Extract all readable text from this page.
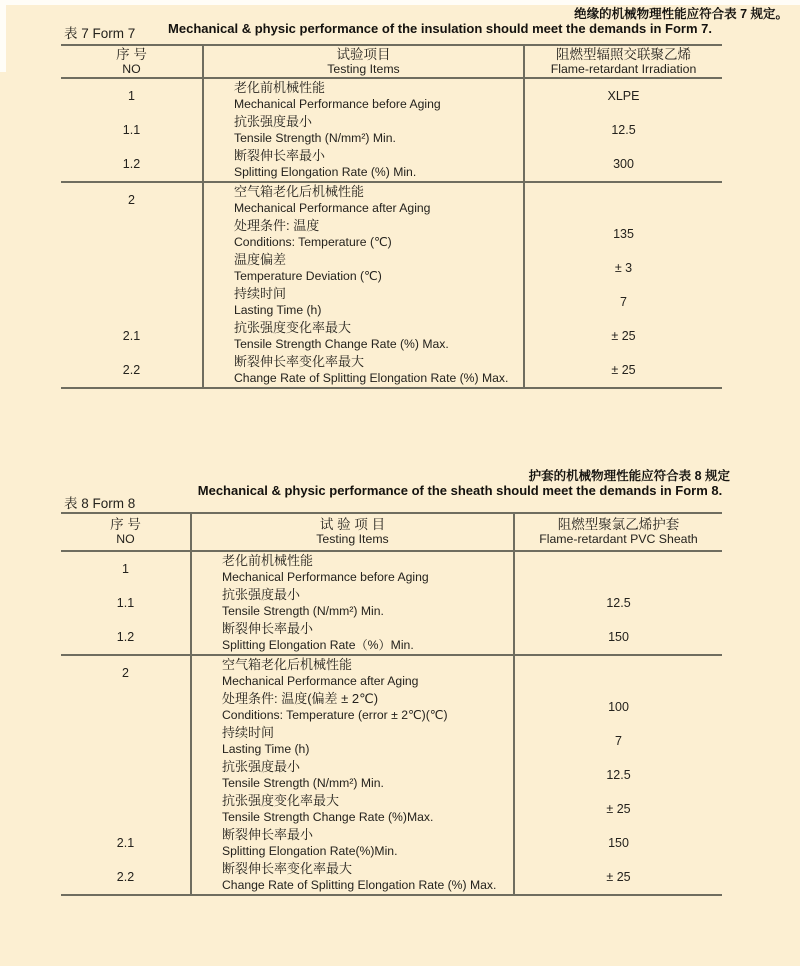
绝缘的机械物理性能应符合表 7 规定。
表 7 Form 7	Mechanical & physic performance of the insulation should meet the demands in Form 7.
序 号
NO
试验项目
Testing Items
阻燃型辐照交联聚乙烯
Flame-retardant Irradiation
1
老化前机械性能
Mechanical Performance before Aging
XLPE
1.1
抗张强度最小
Tensile Strength (N/mm²) Min.
12.5
1.2
断裂伸长率最小
Splitting Elongation Rate (%) Min.
300
2
空气箱老化后机械性能
Mechanical Performance after Aging
处理条件: 温度
Conditions: Temperature (℃)
135
温度偏差
Temperature Deviation (℃)
± 3
持续时间
Lasting Time (h)
7
2.1
抗张强度变化率最大
Tensile Strength Change Rate (%) Max.
± 25
2.2
断裂伸长率变化率最大
Change Rate of Splitting Elongation Rate (%) Max.
± 25
护套的机械物理性能应符合表 8 规定
Mechanical & physic performance of the sheath should meet the demands in Form 8.
表 8 Form 8
序 号
NO
试 验 项 目
Testing Items
阻燃型聚氯乙烯护套
Flame-retardant PVC Sheath
1
老化前机械性能
Mechanical Performance before Aging
1.1
抗张强度最小
Tensile Strength (N/mm²) Min.
12.5
1.2
断裂伸长率最小
Splitting Elongation Rate（%）Min.
150
2
空气箱老化后机械性能
Mechanical Performance after Aging
处理条件: 温度(偏差 ± 2℃)
Conditions: Temperature (error ± 2℃)(℃)
100
持续时间
Lasting Time (h)
7
抗张强度最小
Tensile Strength (N/mm²) Min.
12.5
抗张强度变化率最大
Tensile Strength Change Rate (%)Max.
± 25
2.1
断裂伸长率最小
Splitting Elongation Rate(%)Min.
150
2.2
断裂伸长率变化率最大
Change Rate of Splitting Elongation Rate (%) Max.
± 25
